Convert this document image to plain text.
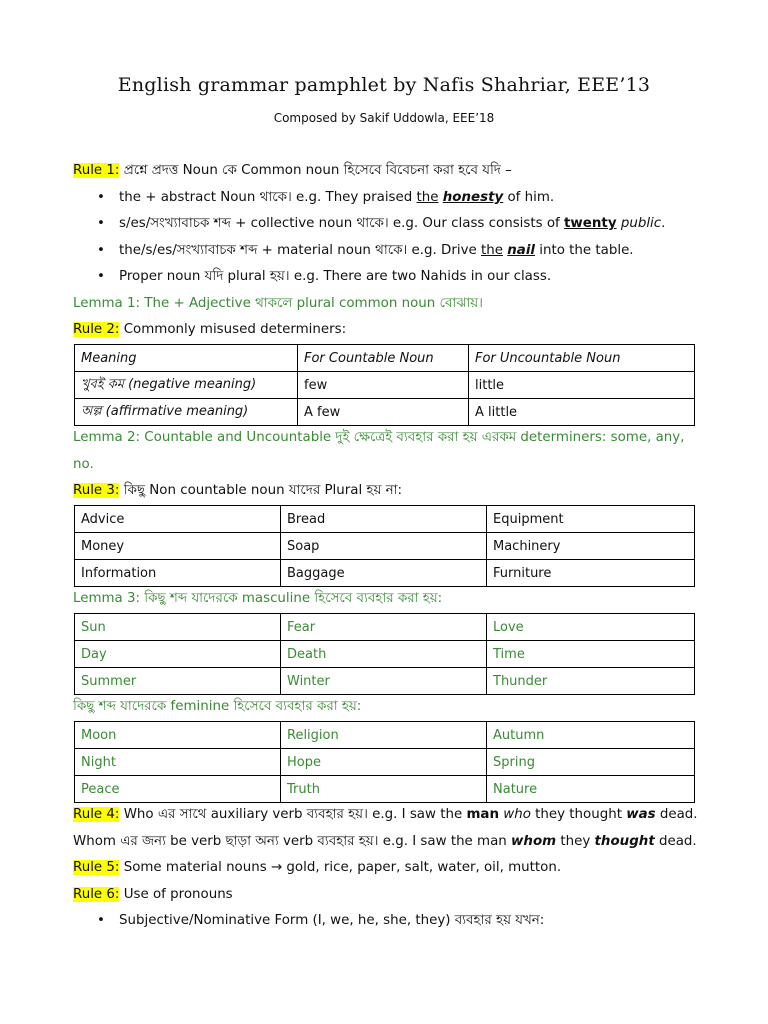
English grammar pamphlet by Nafis Shahriar, EEE’13
Composed by Sakif Uddowla, EEE’18
Rule 1: প্রশ্নে প্রদত্ত Noun কে Common noun হিসেবে বিবেচনা করা হবে যদি –
• the + abstract Noun থাকে। e.g. They praised the honesty of him.
• s/es/সংখ্যাবাচক শব্দ + collective noun থাকে। e.g. Our class consists of twenty public.
• the/s/es/সংখ্যাবাচক শব্দ + material noun থাকে। e.g. Drive the nail into the table.
• Proper noun যদি plural হয়। e.g. There are two Nahids in our class.
Lemma 1: The + Adjective থাকলে plural common noun বোঝায়।
Rule 2: Commonly misused determiners:
Meaning	For Countable Noun	For Uncountable Noun
খুবই কম (negative meaning)	few	little
অল্প (affirmative meaning)	A few	A little
Lemma 2: Countable and Uncountable দুই ক্ষেত্রেই ব্যবহার করা হয় এরকম determiners: some, any,
no.
Rule 3: কিছু Non countable noun যাদের Plural হয় না:
Advice	Bread	Equipment
Money	Soap	Machinery
Information	Baggage	Furniture
Lemma 3: কিছু শব্দ যাদেরকে masculine হিসেবে ব্যবহার করা হয়:
Sun	Fear	Love
Day	Death	Time
Summer	Winter	Thunder
কিছু শব্দ যাদেরকে feminine হিসেবে ব্যবহার করা হয়:
Moon	Religion	Autumn
Night	Hope	Spring
Peace	Truth	Nature
Rule 4: Who এর সাথে auxiliary verb ব্যবহার হয়। e.g. I saw the man who they thought was dead.
Whom এর জন্য be verb ছাড়া অন্য verb ব্যবহার হয়। e.g. I saw the man whom they thought dead.
Rule 5: Some material nouns → gold, rice, paper, salt, water, oil, mutton.
Rule 6: Use of pronouns
• Subjective/Nominative Form (I, we, he, she, they) ব্যবহার হয় যখন:
